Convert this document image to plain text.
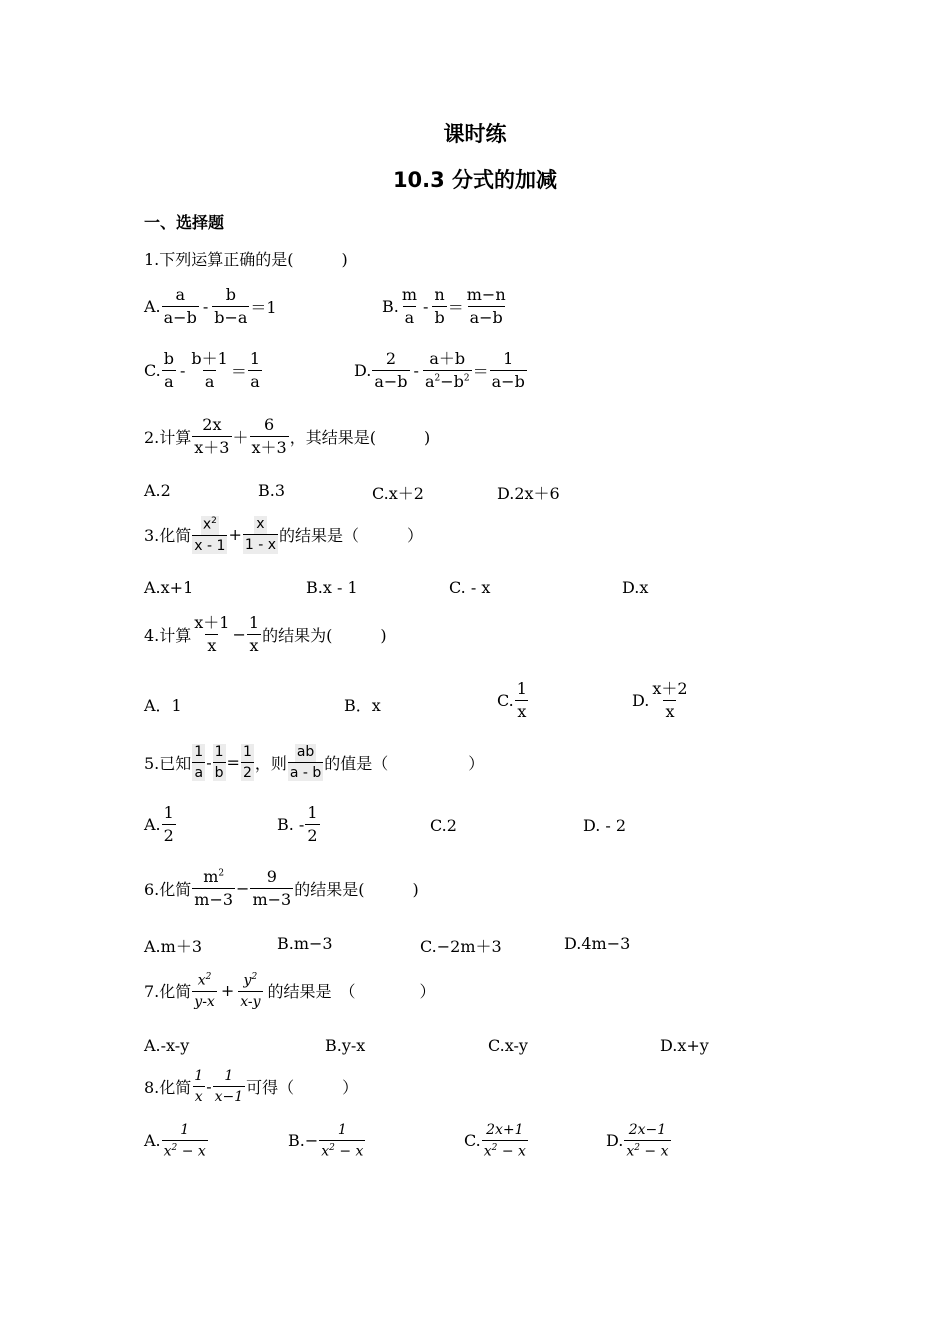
课时练
10.3 分式的加减
一、选择题
1.下列运算正确的是(　　　)
A. $\frac{a}{a-b} - \frac{b}{b-a} =1$	B. $\frac{m}{a} - \frac{n}{b} = \frac{m-n}{a-b}$
C. $\frac{b}{a} - \frac{b+1}{a} = \frac{1}{a}$	D. $\frac{2}{a-b} - \frac{a+b}{a^2-b^2} = \frac{1}{a-b}$
2.计算 $\frac{2x}{x+3} + \frac{6}{x+3}$ ，其结果是(　　　)
A.2	B.3	C.x＋2	D.2x＋6
3.化简 $\frac{x^2}{x - 1} + \frac{x}{1 - x}$ 的结果是（　　　）
A.x+1	B.x - 1	C. - x	D.x
4.计算 $\frac{x+1}{x} - \frac{1}{x}$ 的结果为(　　　)
A．1	B．x	C. $\frac{1}{x}$	D. $\frac{x+2}{x}$
5.已知 $\frac{1}{a} - \frac{1}{b} = \frac{1}{2}$ ，则 $\frac{ab}{a - b}$ 的值是（　　　　　）
A. $\frac{1}{2}$	B. - $\frac{1}{2}$	C.2	D. - 2
6.化简 $\frac{m^2}{m-3} - \frac{9}{m-3}$ 的结果是(　　　)
A.m＋3	B.m−3	C.−2m＋3	D.4m−3
7.化简 $\frac{x^2}{y-x} + \frac{y^2}{x-y}$ 的结果是　（　　　　）
A.-x-y	B.y-x	C.x-y	D.x+y
8.化简 $\frac{1}{x} - \frac{1}{x-1}$ 可得（　　　）
A. $\frac{1}{x^2 - x}$	$B.- \frac{1}{x^2 - x}$	C. $\frac{2x+1}{x^2 - x}$	D. $\frac{2x-1}{x^2 - x}$
